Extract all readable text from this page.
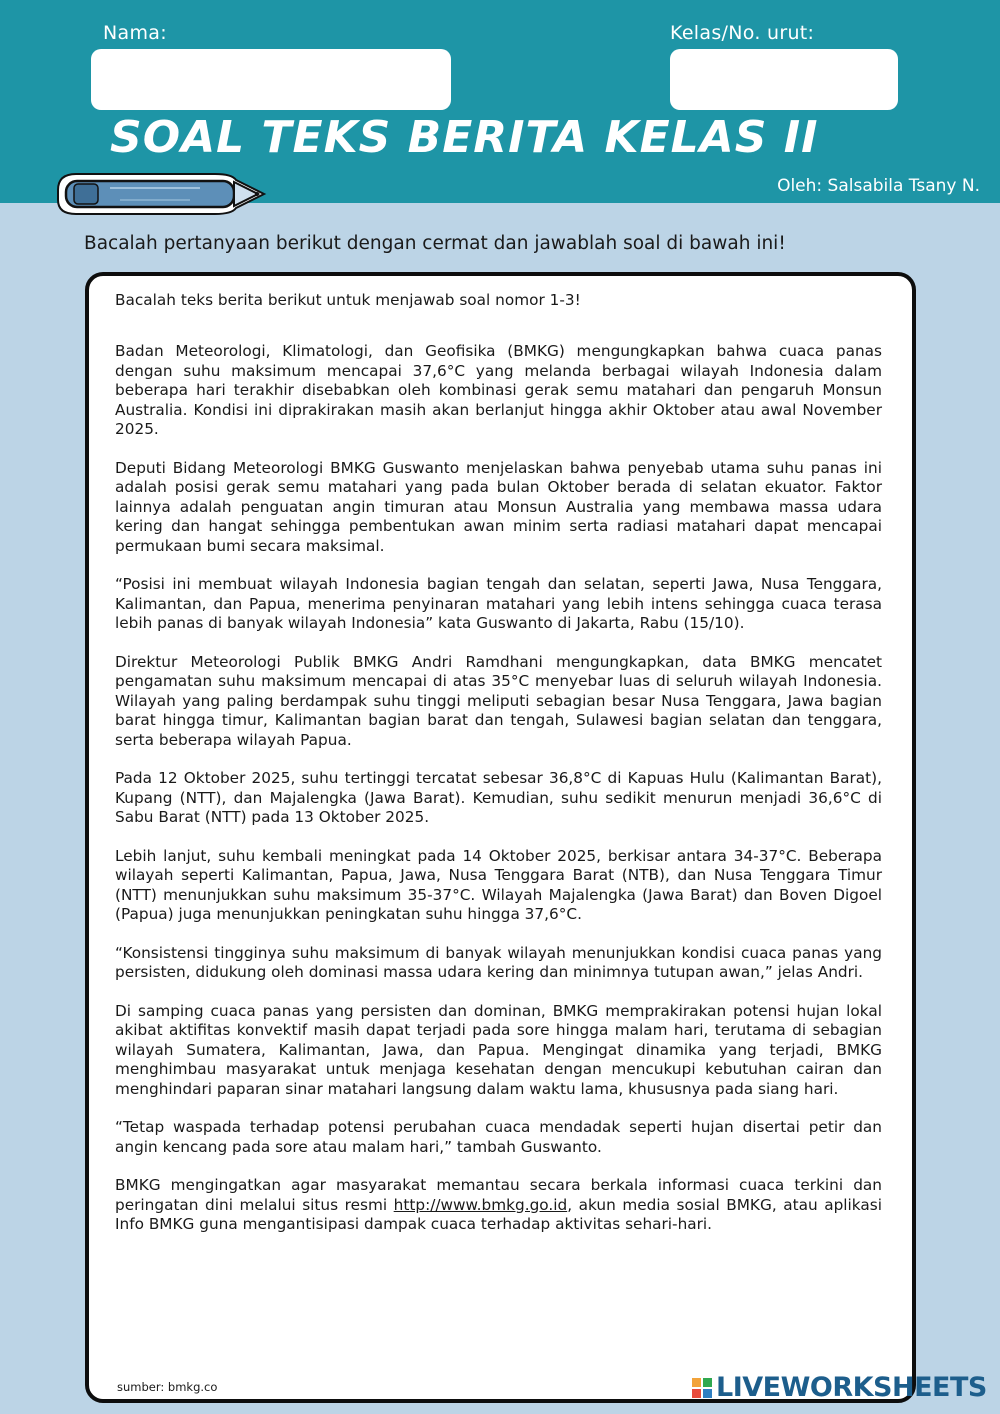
Nama:	Kelas/No. urut:
SOAL TEKS BERITA KELAS II
Oleh: Salsabila Tsany N.

Bacalah pertanyaan berikut dengan cermat dan jawablah soal di bawah ini!

Bacalah teks berita berikut untuk menjawab soal nomor 1-3!

Badan Meteorologi, Klimatologi, dan Geofisika (BMKG) mengungkapkan bahwa cuaca panas dengan suhu maksimum mencapai 37,6°C yang melanda berbagai wilayah Indonesia dalam beberapa hari terakhir disebabkan oleh kombinasi gerak semu matahari dan pengaruh Monsun Australia. Kondisi ini diprakirakan masih akan berlanjut hingga akhir Oktober atau awal November 2025.

Deputi Bidang Meteorologi BMKG Guswanto menjelaskan bahwa penyebab utama suhu panas ini adalah posisi gerak semu matahari yang pada bulan Oktober berada di selatan ekuator. Faktor lainnya adalah penguatan angin timuran atau Monsun Australia yang membawa massa udara kering dan hangat sehingga pembentukan awan minim serta radiasi matahari dapat mencapai permukaan bumi secara maksimal.

“Posisi ini membuat wilayah Indonesia bagian tengah dan selatan, seperti Jawa, Nusa Tenggara, Kalimantan, dan Papua, menerima penyinaran matahari yang lebih intens sehingga cuaca terasa lebih panas di banyak wilayah Indonesia” kata Guswanto di Jakarta, Rabu (15/10).

Direktur Meteorologi Publik BMKG Andri Ramdhani mengungkapkan, data BMKG mencatet pengamatan suhu maksimum mencapai di atas 35°C menyebar luas di seluruh wilayah Indonesia. Wilayah yang paling berdampak suhu tinggi meliputi sebagian besar Nusa Tenggara, Jawa bagian barat hingga timur, Kalimantan bagian barat dan tengah, Sulawesi bagian selatan dan tenggara, serta beberapa wilayah Papua.

Pada 12 Oktober 2025, suhu tertinggi tercatat sebesar 36,8°C di Kapuas Hulu (Kalimantan Barat), Kupang (NTT), dan Majalengka (Jawa Barat). Kemudian, suhu sedikit menurun menjadi 36,6°C di Sabu Barat (NTT) pada 13 Oktober 2025.

Lebih lanjut, suhu kembali meningkat pada 14 Oktober 2025, berkisar antara 34-37°C. Beberapa wilayah seperti Kalimantan, Papua, Jawa, Nusa Tenggara Barat (NTB), dan Nusa Tenggara Timur (NTT) menunjukkan suhu maksimum 35-37°C. Wilayah Majalengka (Jawa Barat) dan Boven Digoel (Papua) juga menunjukkan peningkatan suhu hingga 37,6°C.

“Konsistensi tingginya suhu maksimum di banyak wilayah menunjukkan kondisi cuaca panas yang persisten, didukung oleh dominasi massa udara kering dan minimnya tutupan awan,” jelas Andri.

Di samping cuaca panas yang persisten dan dominan, BMKG memprakirakan potensi hujan lokal akibat aktifitas konvektif masih dapat terjadi pada sore hingga malam hari, terutama di sebagian wilayah Sumatera, Kalimantan, Jawa, dan Papua. Mengingat dinamika yang terjadi, BMKG menghimbau masyarakat untuk menjaga kesehatan dengan mencukupi kebutuhan cairan dan menghindari paparan sinar matahari langsung dalam waktu lama, khususnya pada siang hari.

“Tetap waspada terhadap potensi perubahan cuaca mendadak seperti hujan disertai petir dan angin kencang pada sore atau malam hari,” tambah Guswanto.

BMKG mengingatkan agar masyarakat memantau secara berkala informasi cuaca terkini dan peringatan dini melalui situs resmi http://www.bmkg.go.id, akun media sosial BMKG, atau aplikasi Info BMKG guna mengantisipasi dampak cuaca terhadap aktivitas sehari-hari.

sumber: bmkg.co	LIVEWORKSHEETS
